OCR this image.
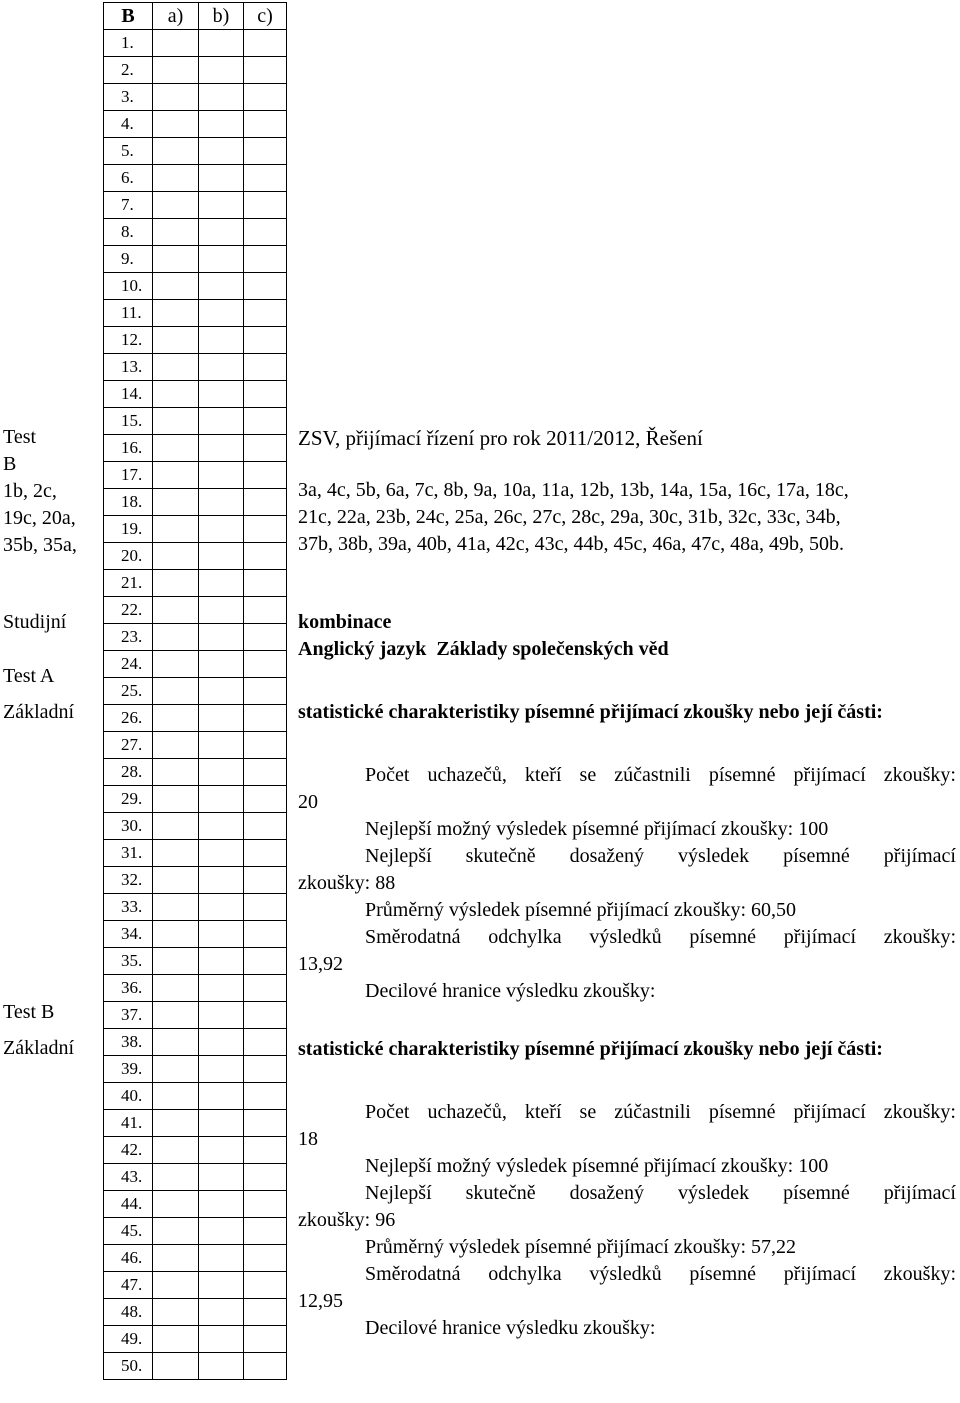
B	a)	b)	c)
1.			
2.			
3.			
4.			
5.			
6.			
7.			
8.			
9.			
10.			
11.			
12.			
13.			
14.			
15.			
16.			
17.			
18.			
19.			
20.			
21.			
22.			
23.			
24.			
25.			
26.			
27.			
28.			
29.			
30.			
31.			
32.			
33.			
34.			
35.			
36.			
37.			
38.			
39.			
40.			
41.			
42.			
43.			
44.			
45.			
46.			
47.			
48.			
49.			
50.			
Test
B
1b, 2c,
19c, 20a,
35b, 35a,
Studijní
Test A
Základní
Test B
Základní
ZSV, přijímací řízení pro rok 2011/2012, Řešení
3a, 4c, 5b, 6a, 7c, 8b, 9a, 10a, 11a, 12b, 13b, 14a, 15a, 16c, 17a, 18c,
21c, 22a, 23b, 24c, 25a, 26c, 27c, 28c, 29a, 30c, 31b, 32c, 33c, 34b,
37b, 38b, 39a, 40b, 41a, 42c, 43c, 44b, 45c, 46a, 47c, 48a, 49b, 50b.
kombinace
Anglický jazyk  Základy společenských věd
statistické charakteristiky písemné přijímací zkoušky nebo její části:
Počet uchazečů, kteří se zúčastnili písemné přijímací zkoušky:
20
Nejlepší možný výsledek písemné přijímací zkoušky: 100
Nejlepší skutečně dosažený výsledek písemné přijímací
zkoušky: 88
Průměrný výsledek písemné přijímací zkoušky: 60,50
Směrodatná odchylka výsledků písemné přijímací zkoušky:
13,92
Decilové hranice výsledku zkoušky:
statistické charakteristiky písemné přijímací zkoušky nebo její části:
Počet uchazečů, kteří se zúčastnili písemné přijímací zkoušky:
18
Nejlepší možný výsledek písemné přijímací zkoušky: 100
Nejlepší skutečně dosažený výsledek písemné přijímací
zkoušky: 96
Průměrný výsledek písemné přijímací zkoušky: 57,22
Směrodatná odchylka výsledků písemné přijímací zkoušky:
12,95
Decilové hranice výsledku zkoušky:
